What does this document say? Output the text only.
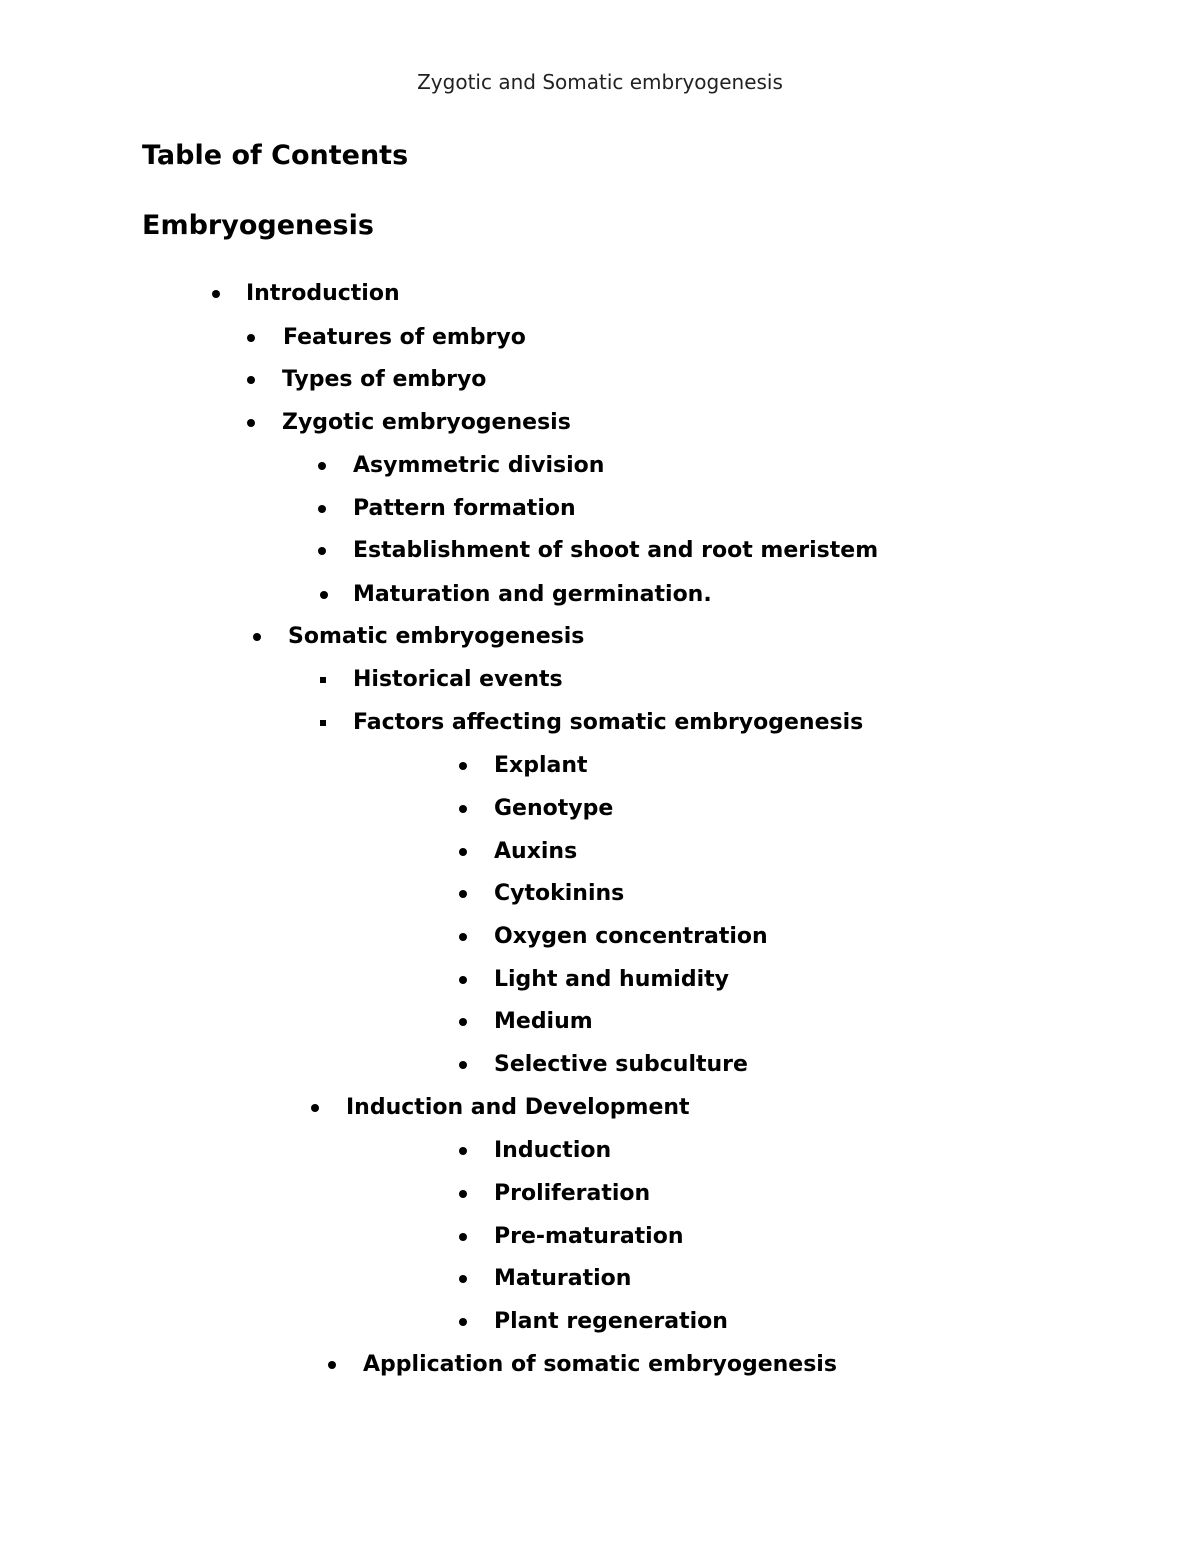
Zygotic and Somatic embryogenesis
Table of Contents
Embryogenesis
Introduction
Features of embryo
Types of embryo
Zygotic embryogenesis
Asymmetric division
Pattern formation
Establishment of shoot and root meristem
Maturation and germination.
Somatic embryogenesis
Historical events
Factors affecting somatic embryogenesis
Explant
Genotype
Auxins
Cytokinins
Oxygen concentration
Light and humidity
Medium
Selective subculture
Induction and Development
Induction
Proliferation
Pre-maturation
Maturation
Plant regeneration
Application of somatic embryogenesis
